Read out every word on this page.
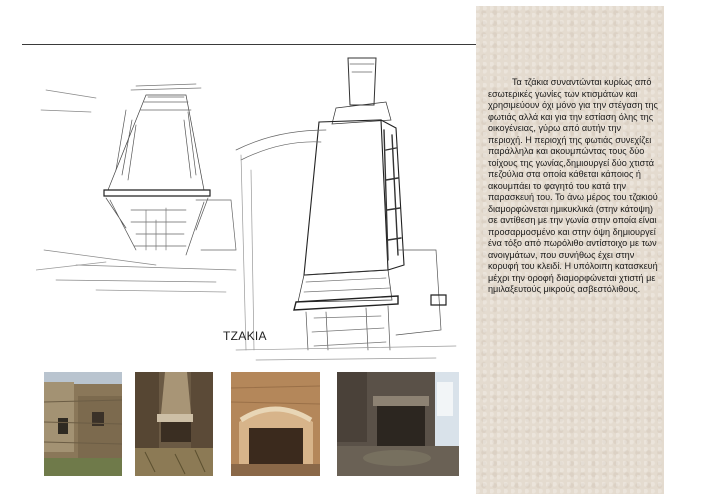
ΤΖΑΚΙΑ

Τα τζάκια συναντώνται κυρίως από εσωτερικές γωνίες των κτισμάτων και χρησιμεύουν όχι μόνο για την στέγαση της φωτιάς αλλά και για την εστίαση όλης της οικογένειας, γύρω από αυτήν την περιοχή. Η περιοχή της φωτιάς συνεχίζει παράλληλα και ακουμπώντας τους δύο τοίχους της γωνίας,δημιουργεί δύο χτιστά πεζούλια στα οποία κάθεται κάποιος ή ακουμπάει το φαγητό του κατά την παρασκευή του. Το άνω μέρος του τζακιού διαμορφώνεται ημικυκλικά (στην κάτοψη) σε αντίθεση με την γωνία στην οποία είναι προσαρμοσμένο και στην όψη δημιουργεί ένα τόξο από πωρόλιθο αντίστοιχο με των ανοιγμάτων, που συνήθως έχει στην κορυφή του κλειδί. Η υπόλοιπη κατασκευή μέχρι την οροφή διαμορφώνεται χτιστή με ημιλαξευτούς μικρούς ασβεστόλιθους.
